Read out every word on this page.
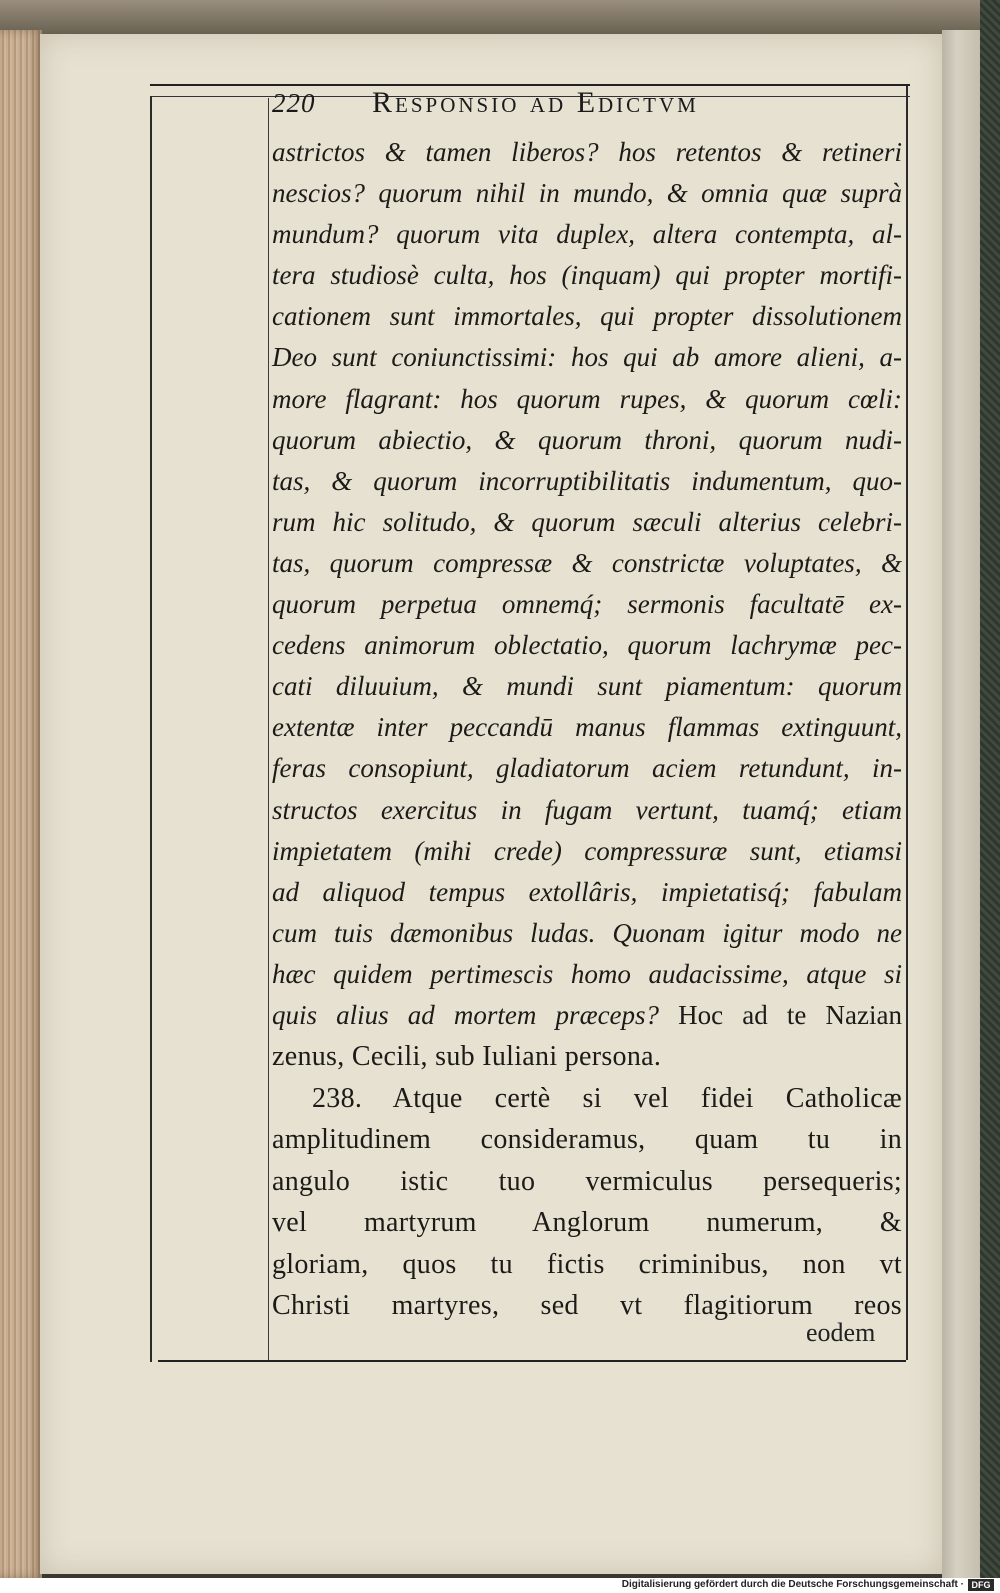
220 Responsio ad Edictvm
astrictos & tamen liberos? hos retentos & retineri
nescios? quorum nihil in mundo, & omnia quæ suprà
mundum? quorum vita duplex, altera contempta, al-
tera studiosè culta, hos (inquam) qui propter mortifi-
cationem sunt immortales, qui propter dissolutionem
Deo sunt coniunctissimi: hos qui ab amore alieni, a-
more flagrant: hos quorum rupes, & quorum cœli:
quorum abiectio, & quorum throni, quorum nudi-
tas, & quorum incorruptibilitatis indumentum, quo-
rum hic solitudo, & quorum sæculi alterius celebri-
tas, quorum compressæ & constrictæ voluptates, &
quorum perpetua omnemq́; sermonis facultatē ex-
cedens animorum oblectatio, quorum lachrymæ pec-
cati diluuium, & mundi sunt piamentum: quorum
extentæ inter peccandū manus flammas extinguunt,
feras consopiunt, gladiatorum aciem retundunt, in-
structos exercitus in fugam vertunt, tuamq́; etiam
impietatem (mihi crede) compressuræ sunt, etiamsi
ad aliquod tempus extollâris, impietatisq́; fabulam
cum tuis dæmonibus ludas. Quonam igitur modo ne
hæc quidem pertimescis homo audacissime, atque si
quis alius ad mortem præceps? Hoc ad te Nazian
zenus, Cecili, sub Iuliani persona.
238. Atque certè si vel fidei Catholicæ
amplitudinem consideramus, quam tu in
angulo istic tuo vermiculus persequeris;
vel martyrum Anglorum numerum, &
gloriam, quos tu fictis criminibus, non vt
Christi martyres, sed vt flagitiorum reos
eodem
Digitalisierung gefördert durch die Deutsche Forschungsgemeinschaft · DFG
